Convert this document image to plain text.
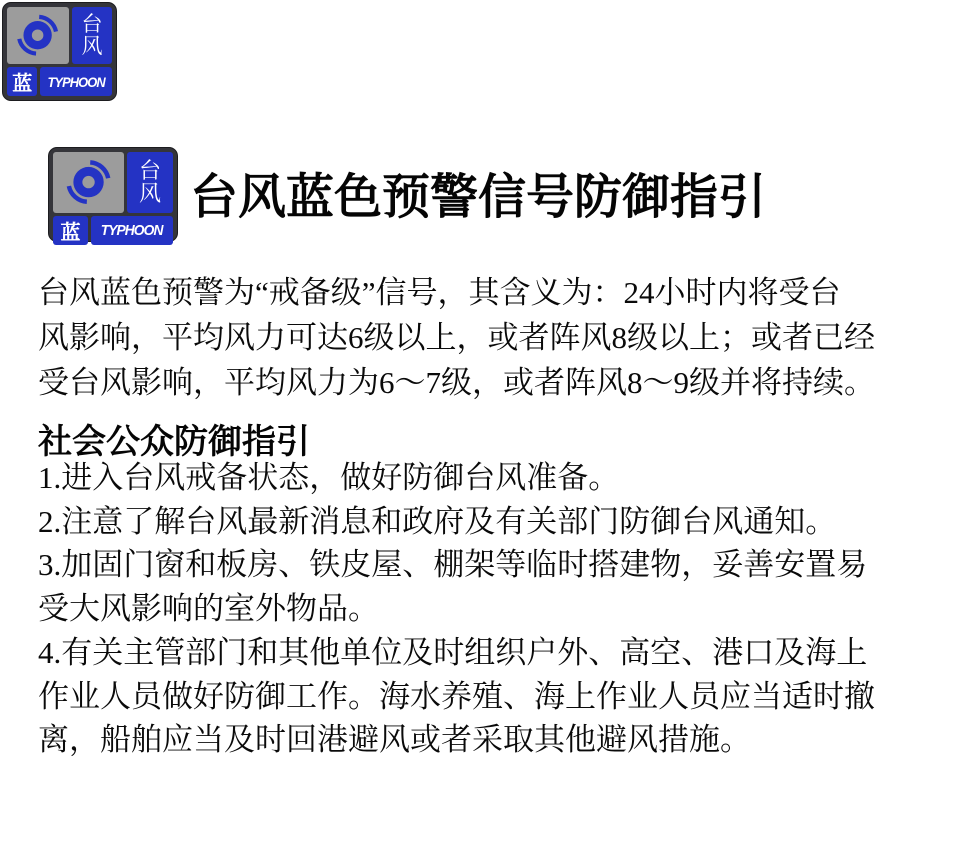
台
风
蓝 TYPHOON
台
风
蓝 TYPHOON
台风蓝色预警信号防御指引
台风蓝色预警为“戒备级”信号，其含义为：24小时内将受台
风影响，平均风力可达6级以上，或者阵风8级以上；或者已经
受台风影响，平均风力为6～7级，或者阵风8～9级并将持续。
社会公众防御指引
1.进入台风戒备状态，做好防御台风准备。
2.注意了解台风最新消息和政府及有关部门防御台风通知。
3.加固门窗和板房、铁皮屋、棚架等临时搭建物，妥善安置易
受大风影响的室外物品。
4.有关主管部门和其他单位及时组织户外、高空、港口及海上
作业人员做好防御工作。海水养殖、海上作业人员应当适时撤
离，船舶应当及时回港避风或者采取其他避风措施。
